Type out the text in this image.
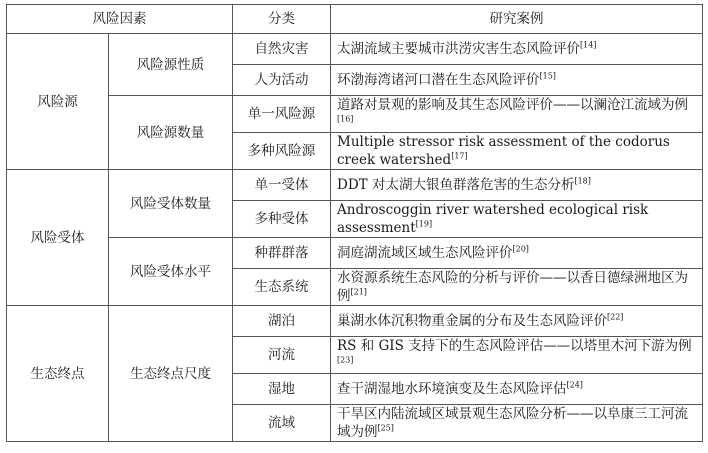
风险因素		分类	研究案例
风险源	风险源性质	自然灾害	太湖流域主要城市洪涝灾害生态风险评价[14]
		人为活动	环渤海湾诸河口潜在生态风险评价[15]
	风险源数量	单一风险源	道路对景观的影响及其生态风险评价——以澜沧江流域为例[16]
		多种风险源	Multiple stressor risk assessment of the codorus creek watershed[17]
风险受体	风险受体数量	单一受体	DDT 对太湖大银鱼群落危害的生态分析[18]
		多种受体	Androscoggin river watershed ecological risk assessment[19]
	风险受体水平	种群群落	洞庭湖流域区域生态风险评价[20]
		生态系统	水资源系统生态风险的分析与评价——以香日德绿洲地区为例[21]
生态终点	生态终点尺度	湖泊	巢湖水体沉积物重金属的分布及生态风险评价[22]
		河流	RS 和 GIS 支持下的生态风险评估——以塔里木河下游为例[23]
		湿地	查干湖湿地水环境演变及生态风险评估[24]
		流域	干旱区内陆流域区域景观生态风险分析——以阜康三工河流域为例[25]
